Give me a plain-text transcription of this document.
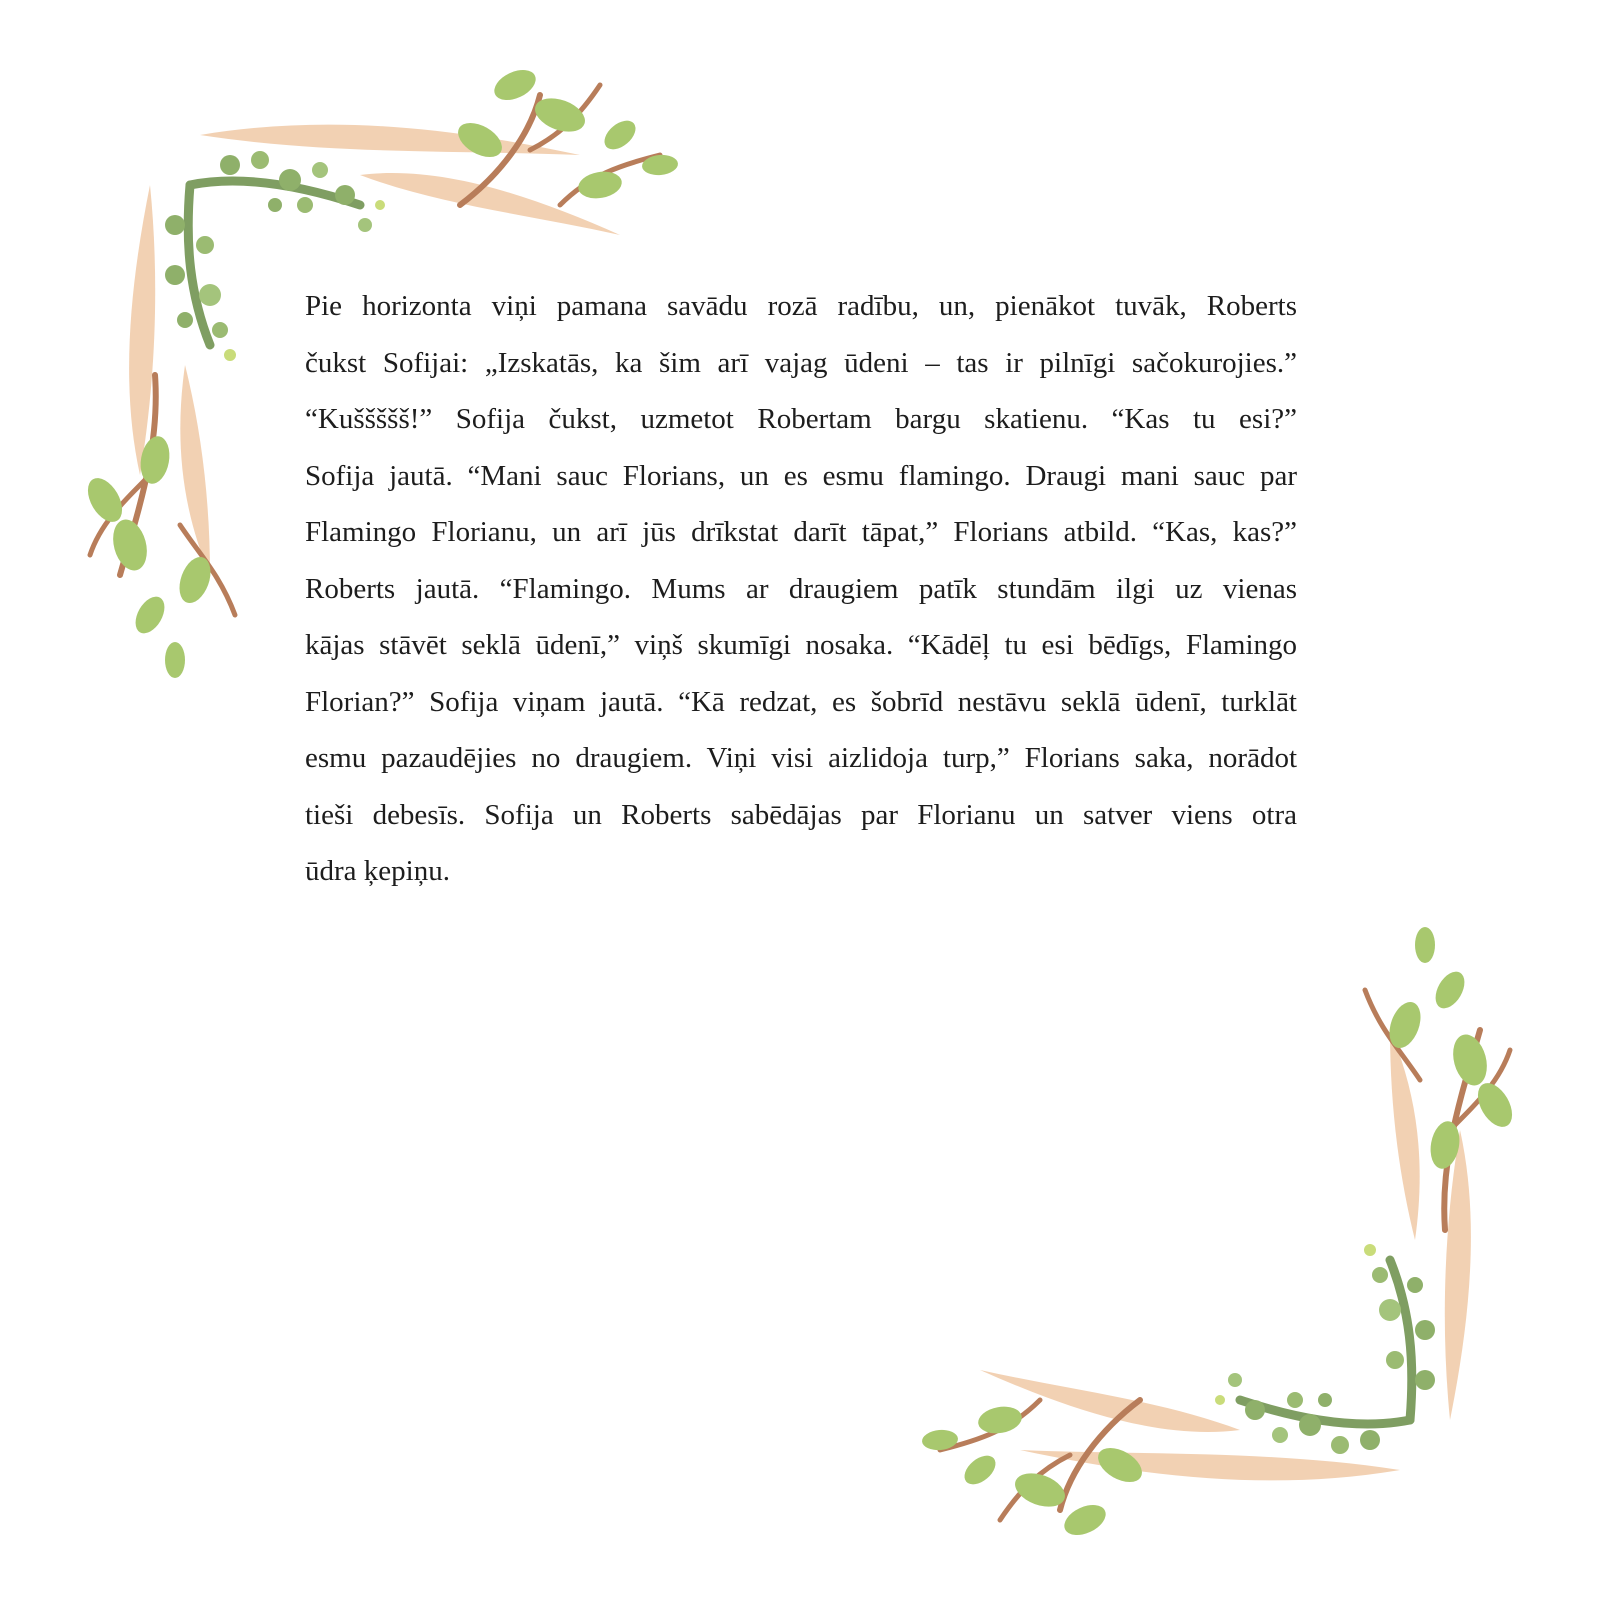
Pie horizonta viņi pamana savādu rozā radību, un, pienākot tuvāk, Roberts
čukst Sofijai: „Izskatās, ka šim arī vajag ūdeni – tas ir pilnīgi sačokurojies.”
“Kuššššš!” Sofija čukst, uzmetot Robertam bargu skatienu. “Kas tu esi?”
Sofija jautā. “Mani sauc Florians, un es esmu flamingo. Draugi mani sauc par
Flamingo Florianu, un arī jūs drīkstat darīt tāpat,” Florians atbild. “Kas, kas?”
Roberts jautā. “Flamingo. Mums ar draugiem patīk stundām ilgi uz vienas
kājas stāvēt seklā ūdenī,” viņš skumīgi nosaka. “Kādēļ tu esi bēdīgs, Flamingo
Florian?” Sofija viņam jautā. “Kā redzat, es šobrīd nestāvu seklā ūdenī, turklāt
esmu pazaudējies no draugiem. Viņi visi aizlidoja turp,” Florians saka, norādot
tieši debesīs. Sofija un Roberts sabēdājas par Florianu un satver viens otra
ūdra ķepiņu.
